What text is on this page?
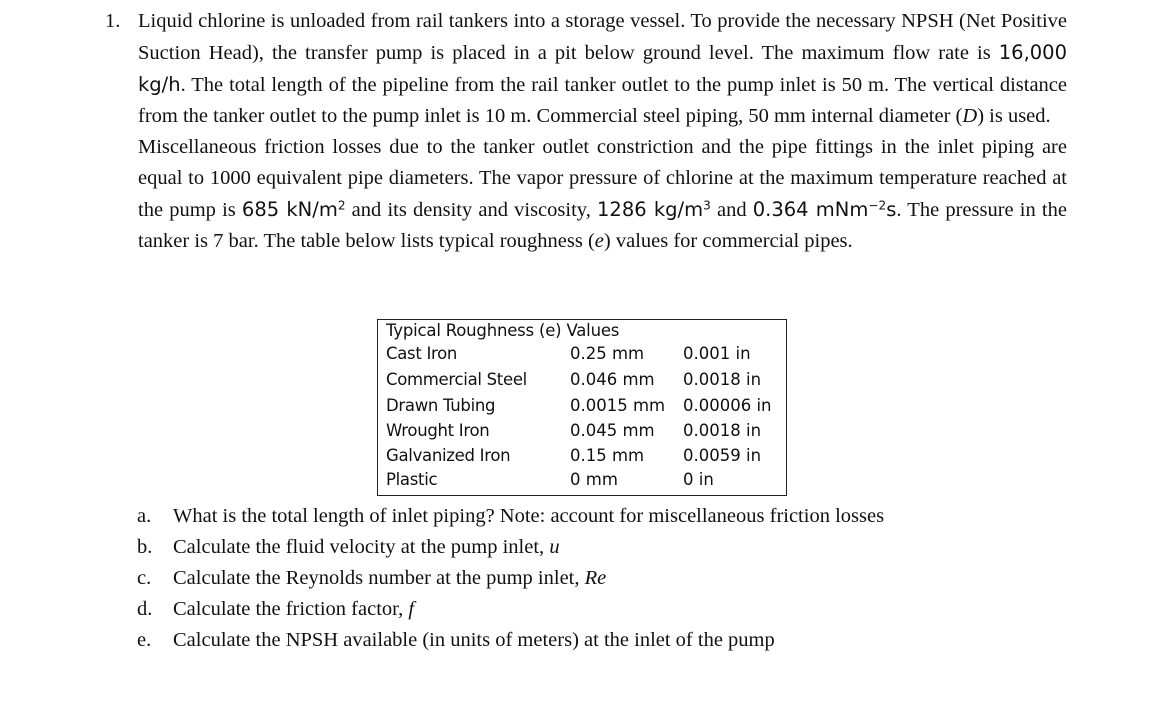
1. Liquid chlorine is unloaded from rail tankers into a storage vessel. To provide the necessary NPSH (Net Positive Suction Head), the transfer pump is placed in a pit below ground level. The maximum flow rate is 16,000 kg/h. The total length of the pipeline from the rail tanker outlet to the pump inlet is 50 m. The vertical distance from the tanker outlet to the pump inlet is 10 m. Commercial steel piping, 50 mm internal diameter (D) is used.

Miscellaneous friction losses due to the tanker outlet constriction and the pipe fittings in the inlet piping are equal to 1000 equivalent pipe diameters. The vapor pressure of chlorine at the maximum temperature reached at the pump is 685 $kN/m^2$ and its density and viscosity, 1286 $kg/m^3$ and 0.364 mNm$^{-2}$s. The pressure in the tanker is 7 bar. The table below lists typical roughness (e) values for commercial pipes.

Typical Roughness (e) Values
Cast Iron	0.25 mm 0.001 in
Commercial Steel	0.046 mm 0.0018 in
Drawn Tubing	0.0015 mm 0.00006 in
Wrought Iron	0.045 mm 0.0018 in
Galvanized Iron	0.15 mm 0.0059 in
Plastic	0 mm	0 in
a. What is the total length of inlet piping? Note: account for miscellaneous friction losses
b. Calculate the fluid velocity at the pump inlet, u
c. Calculate the Reynolds number at the pump inlet, Re
d. Calculate the friction factor, f
e. Calculate the NPSH available (in units of meters) at the inlet of the pump
